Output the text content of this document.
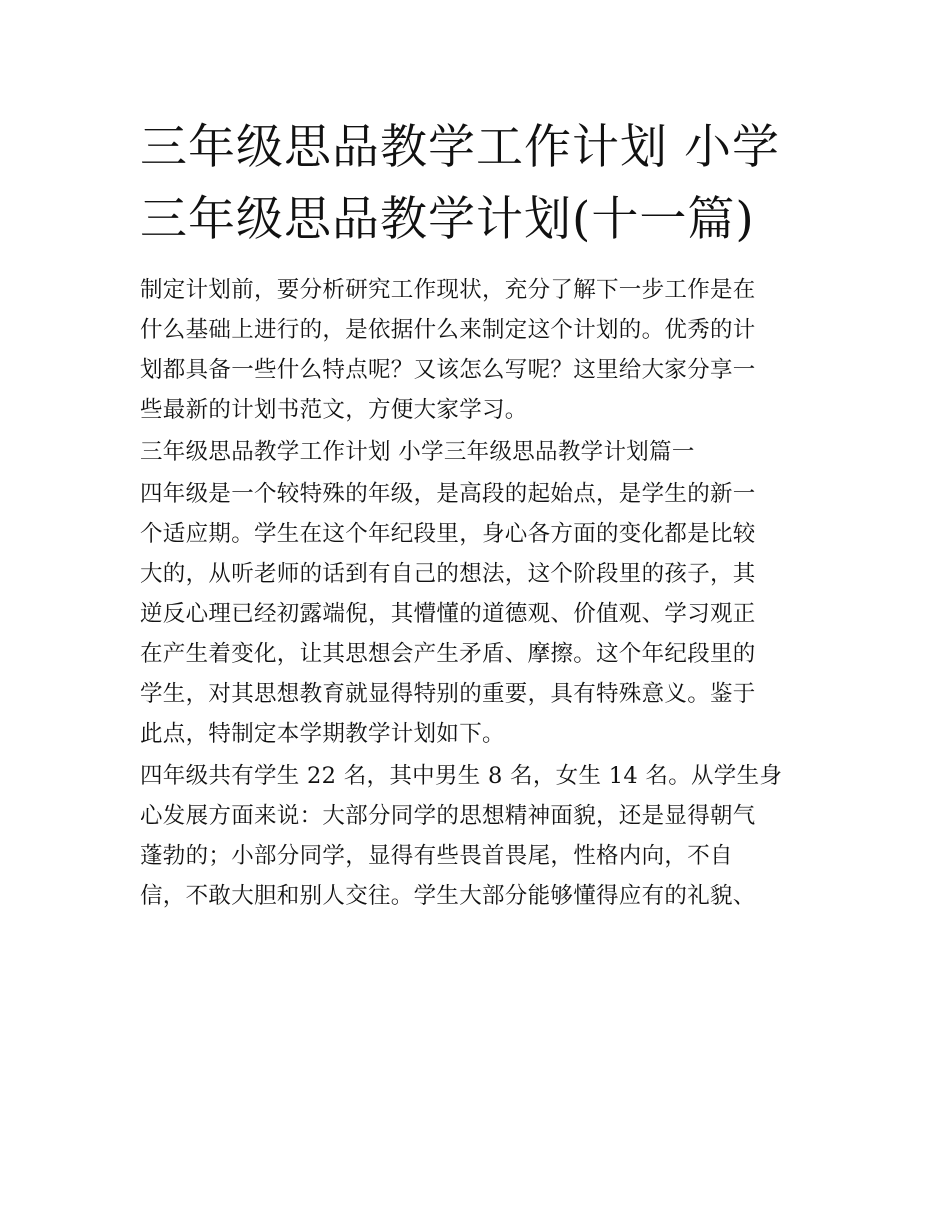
三年级思品教学工作计划 小学
三年级思品教学计划(十一篇)

制定计划前，要分析研究工作现状，充分了解下一步工作是在
什么基础上进行的，是依据什么来制定这个计划的。优秀的计
划都具备一些什么特点呢？又该怎么写呢？这里给大家分享一
些最新的计划书范文，方便大家学习。

三年级思品教学工作计划 小学三年级思品教学计划篇一

四年级是一个较特殊的年级，是高段的起始点，是学生的新一
个适应期。学生在这个年纪段里，身心各方面的变化都是比较
大的，从听老师的话到有自己的想法，这个阶段里的孩子，其
逆反心理已经初露端倪，其懵懂的道德观、价值观、学习观正
在产生着变化，让其思想会产生矛盾、摩擦。这个年纪段里的
学生，对其思想教育就显得特别的重要，具有特殊意义。鉴于
此点，特制定本学期教学计划如下。

四年级共有学生 22 名，其中男生 8 名，女生 14 名。从学生身
心发展方面来说：大部分同学的思想精神面貌，还是显得朝气
蓬勃的；小部分同学，显得有些畏首畏尾，性格内向，不自
信，不敢大胆和别人交往。学生大部分能够懂得应有的礼貌、
